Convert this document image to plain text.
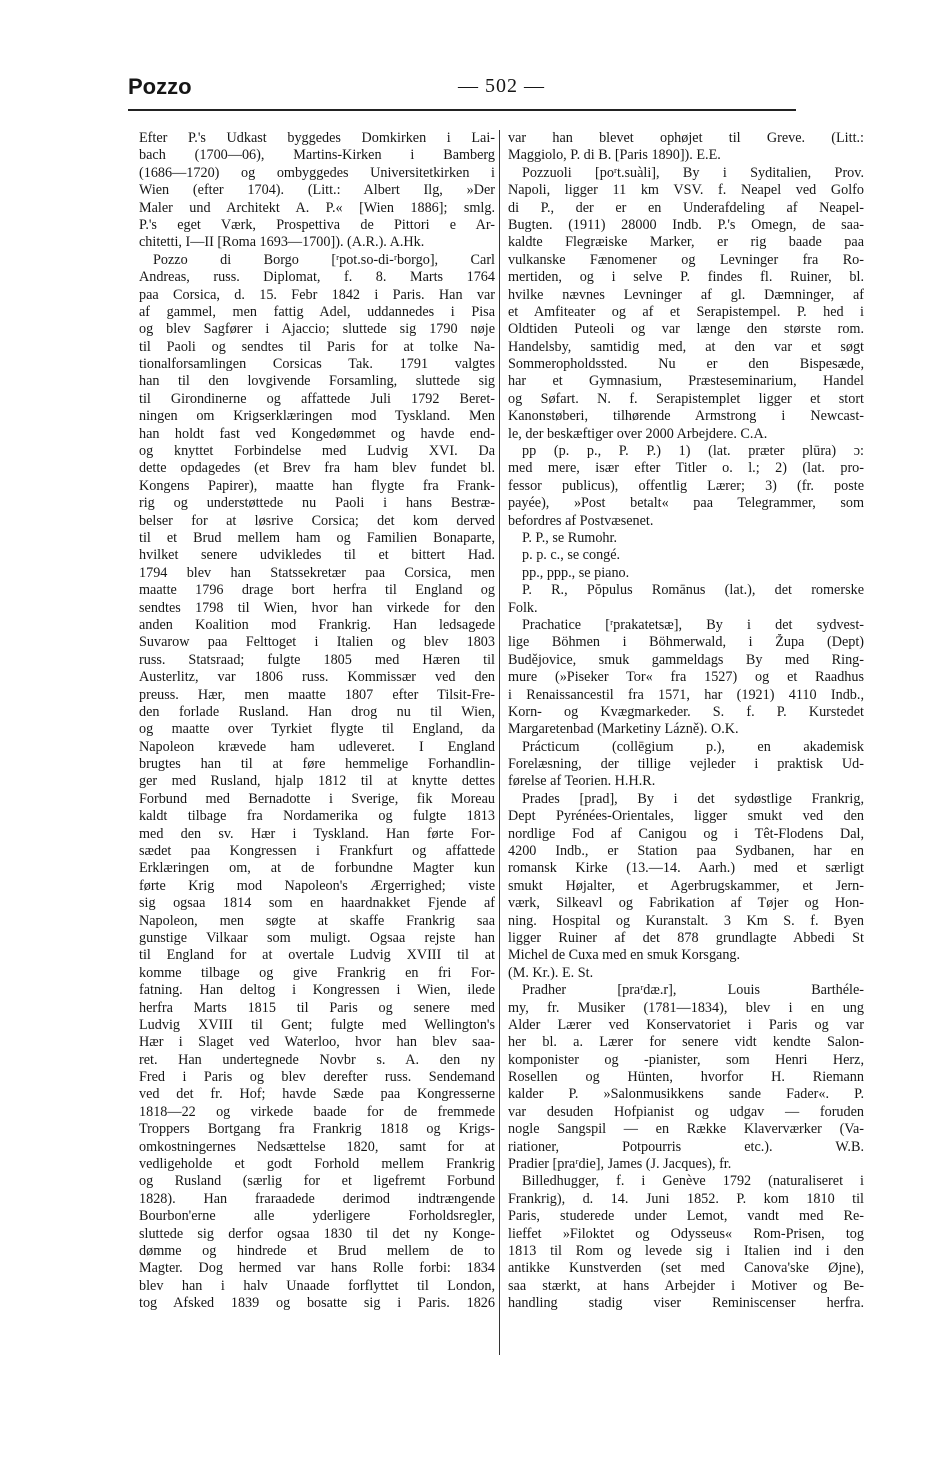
Pozzo	— 502 —
Efter P.'s Udkast byggedes Domkirken i Lai-
bach (1700—06), Martins-Kirken i Bamberg
(1686—1720) og ombyggedes Universitetkirken i
Wien (efter 1704). (Litt.: Albert Ilg, »Der
Maler und Architekt A. P.« [Wien 1886]; smlg.
P.'s eget Værk, Prospettiva de Pittori e Ar-
chitetti, I—II [Roma 1693—1700]). (A.R.). A.Hk.
Pozzo di Borgo [ʳpot.so-di-ʳborgo], Carl
Andreas, russ. Diplomat, f. 8. Marts 1764
paa Corsica, d. 15. Febr 1842 i Paris. Han var
af gammel, men fattig Adel, uddannedes i Pisa
og blev Sagfører i Ajaccio; sluttede sig 1790 nøje
til Paoli og sendtes til Paris for at tolke Na-
tionalforsamlingen Corsicas Tak. 1791 valgtes
han til den lovgivende Forsamling, sluttede sig
til Girondinerne og affattede Juli 1792 Beret-
ningen om Krigserklæringen mod Tyskland. Men
han holdt fast ved Kongedømmet og havde end-
og knyttet Forbindelse med Ludvig XVI. Da
dette opdagedes (et Brev fra ham blev fundet bl.
Kongens Papirer), maatte han flygte fra Frank-
rig og understøttede nu Paoli i hans Bestræ-
belser for at løsrive Corsica; det kom derved
til et Brud mellem ham og Familien Bonaparte,
hvilket senere udvikledes til et bittert Had.
1794 blev han Statssekretær paa Corsica, men
maatte 1796 drage bort herfra til England og
sendtes 1798 til Wien, hvor han virkede for den
anden Koalition mod Frankrig. Han ledsagede
Suvarow paa Felttoget i Italien og blev 1803
russ. Statsraad; fulgte 1805 med Hæren til
Austerlitz, var 1806 russ. Kommissær ved den
preuss. Hær, men maatte 1807 efter Tilsit-Fre-
den forlade Rusland. Han drog nu til Wien,
og maatte over Tyrkiet flygte til England, da
Napoleon krævede ham udleveret. I England
brugtes han til at føre hemmelige Forhandlin-
ger med Rusland, hjalp 1812 til at knytte dettes
Forbund med Bernadotte i Sverige, fik Moreau
kaldt tilbage fra Nordamerika og fulgte 1813
med den sv. Hær i Tyskland. Han førte For-
sædet paa Kongressen i Frankfurt og affattede
Erklæringen om, at de forbundne Magter kun
førte Krig mod Napoleon's Ærgerrighed; viste
sig ogsaa 1814 som en haardnakket Fjende af
Napoleon, men søgte at skaffe Frankrig saa
gunstige Vilkaar som muligt. Ogsaa rejste han
til England for at overtale Ludvig XVIII til at
komme tilbage og give Frankrig en fri For-
fatning. Han deltog i Kongressen i Wien, ilede
herfra Marts 1815 til Paris og senere med
Ludvig XVIII til Gent; fulgte med Wellington's
Hær i Slaget ved Waterloo, hvor han blev saa-
ret. Han undertegnede Novbr s. A. den ny
Fred i Paris og blev derefter russ. Sendemand
ved det fr. Hof; havde Sæde paa Kongresserne
1818—22 og virkede baade for de fremmede
Troppers Bortgang fra Frankrig 1818 og Krigs-
omkostningernes Nedsættelse 1820, samt for at
vedligeholde et godt Forhold mellem Frankrig
og Rusland (særlig for et ligefremt Forbund
1828). Han fraraadede derimod indtrængende
Bourbon'erne alle yderligere Forholdsregler,
sluttede sig derfor ogsaa 1830 til det ny Konge-
dømme og hindrede et Brud mellem de to
Magter. Dog hermed var hans Rolle forbi: 1834
blev han i halv Unaade forflyttet til London,
tog Afsked 1839 og bosatte sig i Paris. 1826
var han blevet ophøjet til Greve. (Litt.:
Maggiolo, P. di B. [Paris 1890]). E.E.
Pozzuoli [poʳt.suàli], By i Syditalien, Prov.
Napoli, ligger 11 km VSV. f. Neapel ved Golfo
di P., der er en Underafdeling af Neapel-
Bugten. (1911) 28000 Indb. P.'s Omegn, de saa-
kaldte Flegræiske Marker, er rig baade paa
vulkanske Fænomener og Levninger fra Ro-
mertiden, og i selve P. findes fl. Ruiner, bl.
hvilke nævnes Levninger af gl. Dæmninger, af
et Amfiteater og af et Serapistempel. P. hed i
Oldtiden Puteoli og var længe den største rom.
Handelsby, samtidig med, at den var et søgt
Sommeropholdssted. Nu er den Bispesæde,
har et Gymnasium, Præsteseminarium, Handel
og Søfart. N. f. Serapistemplet ligger et stort
Kanonstøberi, tilhørende Armstrong i Newcast-
le, der beskæftiger over 2000 Arbejdere. C.A.
pp (p. p., P. P.) 1) (lat. præter plūra) ɔ:
med mere, især efter Titler o. l.; 2) (lat. pro-
fessor publicus), offentlig Lærer; 3) (fr. poste
payée), »Post betalt« paa Telegrammer, som
befordres af Postvæsenet.
P. P., se Rumohr.
p. p. c., se congé.
pp., ppp., se piano.
P. R., Pŏpulus Romānus (lat.), det romerske
Folk.
Prachatice [ʳprakatetsæ], By i det sydvest-
lige Böhmen i Böhmerwald, i Župa (Dept)
Budějovice, smuk gammeldags By med Ring-
mure (»Piseker Tor« fra 1527) og et Raadhus
i Renaissancestil fra 1571, har (1921) 4110 Indb.,
Korn- og Kvægmarkeder. S. f. P. Kurstedet
Margaretenbad (Marketiny Lázně). O.K.
Prácticum (collēgium p.), en akademisk
Forelæsning, der tillige vejleder i praktisk Ud-
førelse af Teorien. H.H.R.
Prades [prad], By i det sydøstlige Frankrig,
Dept Pyrénées-Orientales, ligger smukt ved den
nordlige Fod af Canigou og i Têt-Flodens Dal,
4200 Indb., er Station paa Sydbanen, har en
romansk Kirke (13.—14. Aarh.) med et særligt
smukt Højalter, et Agerbrugskammer, et Jern-
værk, Silkeavl og Fabrikation af Tøjer og Hon-
ning. Hospital og Kuranstalt. 3 Km S. f. Byen
ligger Ruiner af det 878 grundlagte Abbedi St
Michel de Cuxa med en smuk Korsgang.
(M. Kr.). E. St.
Pradher [praʳdæ.r], Louis Barthéle-
my, fr. Musiker (1781—1834), blev i en ung
Alder Lærer ved Konservatoriet i Paris og var
her bl. a. Lærer for senere vidt kendte Salon-
komponister og -pianister, som Henri Herz,
Rosellen og Hünten, hvorfor H. Riemann
kalder P. »Salonmusikkens sande Fader«. P.
var desuden Hofpianist og udgav — foruden
nogle Sangspil — en Række Klaverværker (Va-
riationer, Potpourris etc.). W.B.
Pradier [praʳdie], James (J. Jacques), fr.
Billedhugger, f. i Genève 1792 (naturaliseret i
Frankrig), d. 14. Juni 1852. P. kom 1810 til
Paris, studerede under Lemot, vandt med Re-
lieffet »Filoktet og Odysseus« Rom-Prisen, tog
1813 til Rom og levede sig i Italien ind i den
antikke Kunstverden (set med Canova'ske Øjne),
saa stærkt, at hans Arbejder i Motiver og Be-
handling stadig viser Reminiscenser herfra.
